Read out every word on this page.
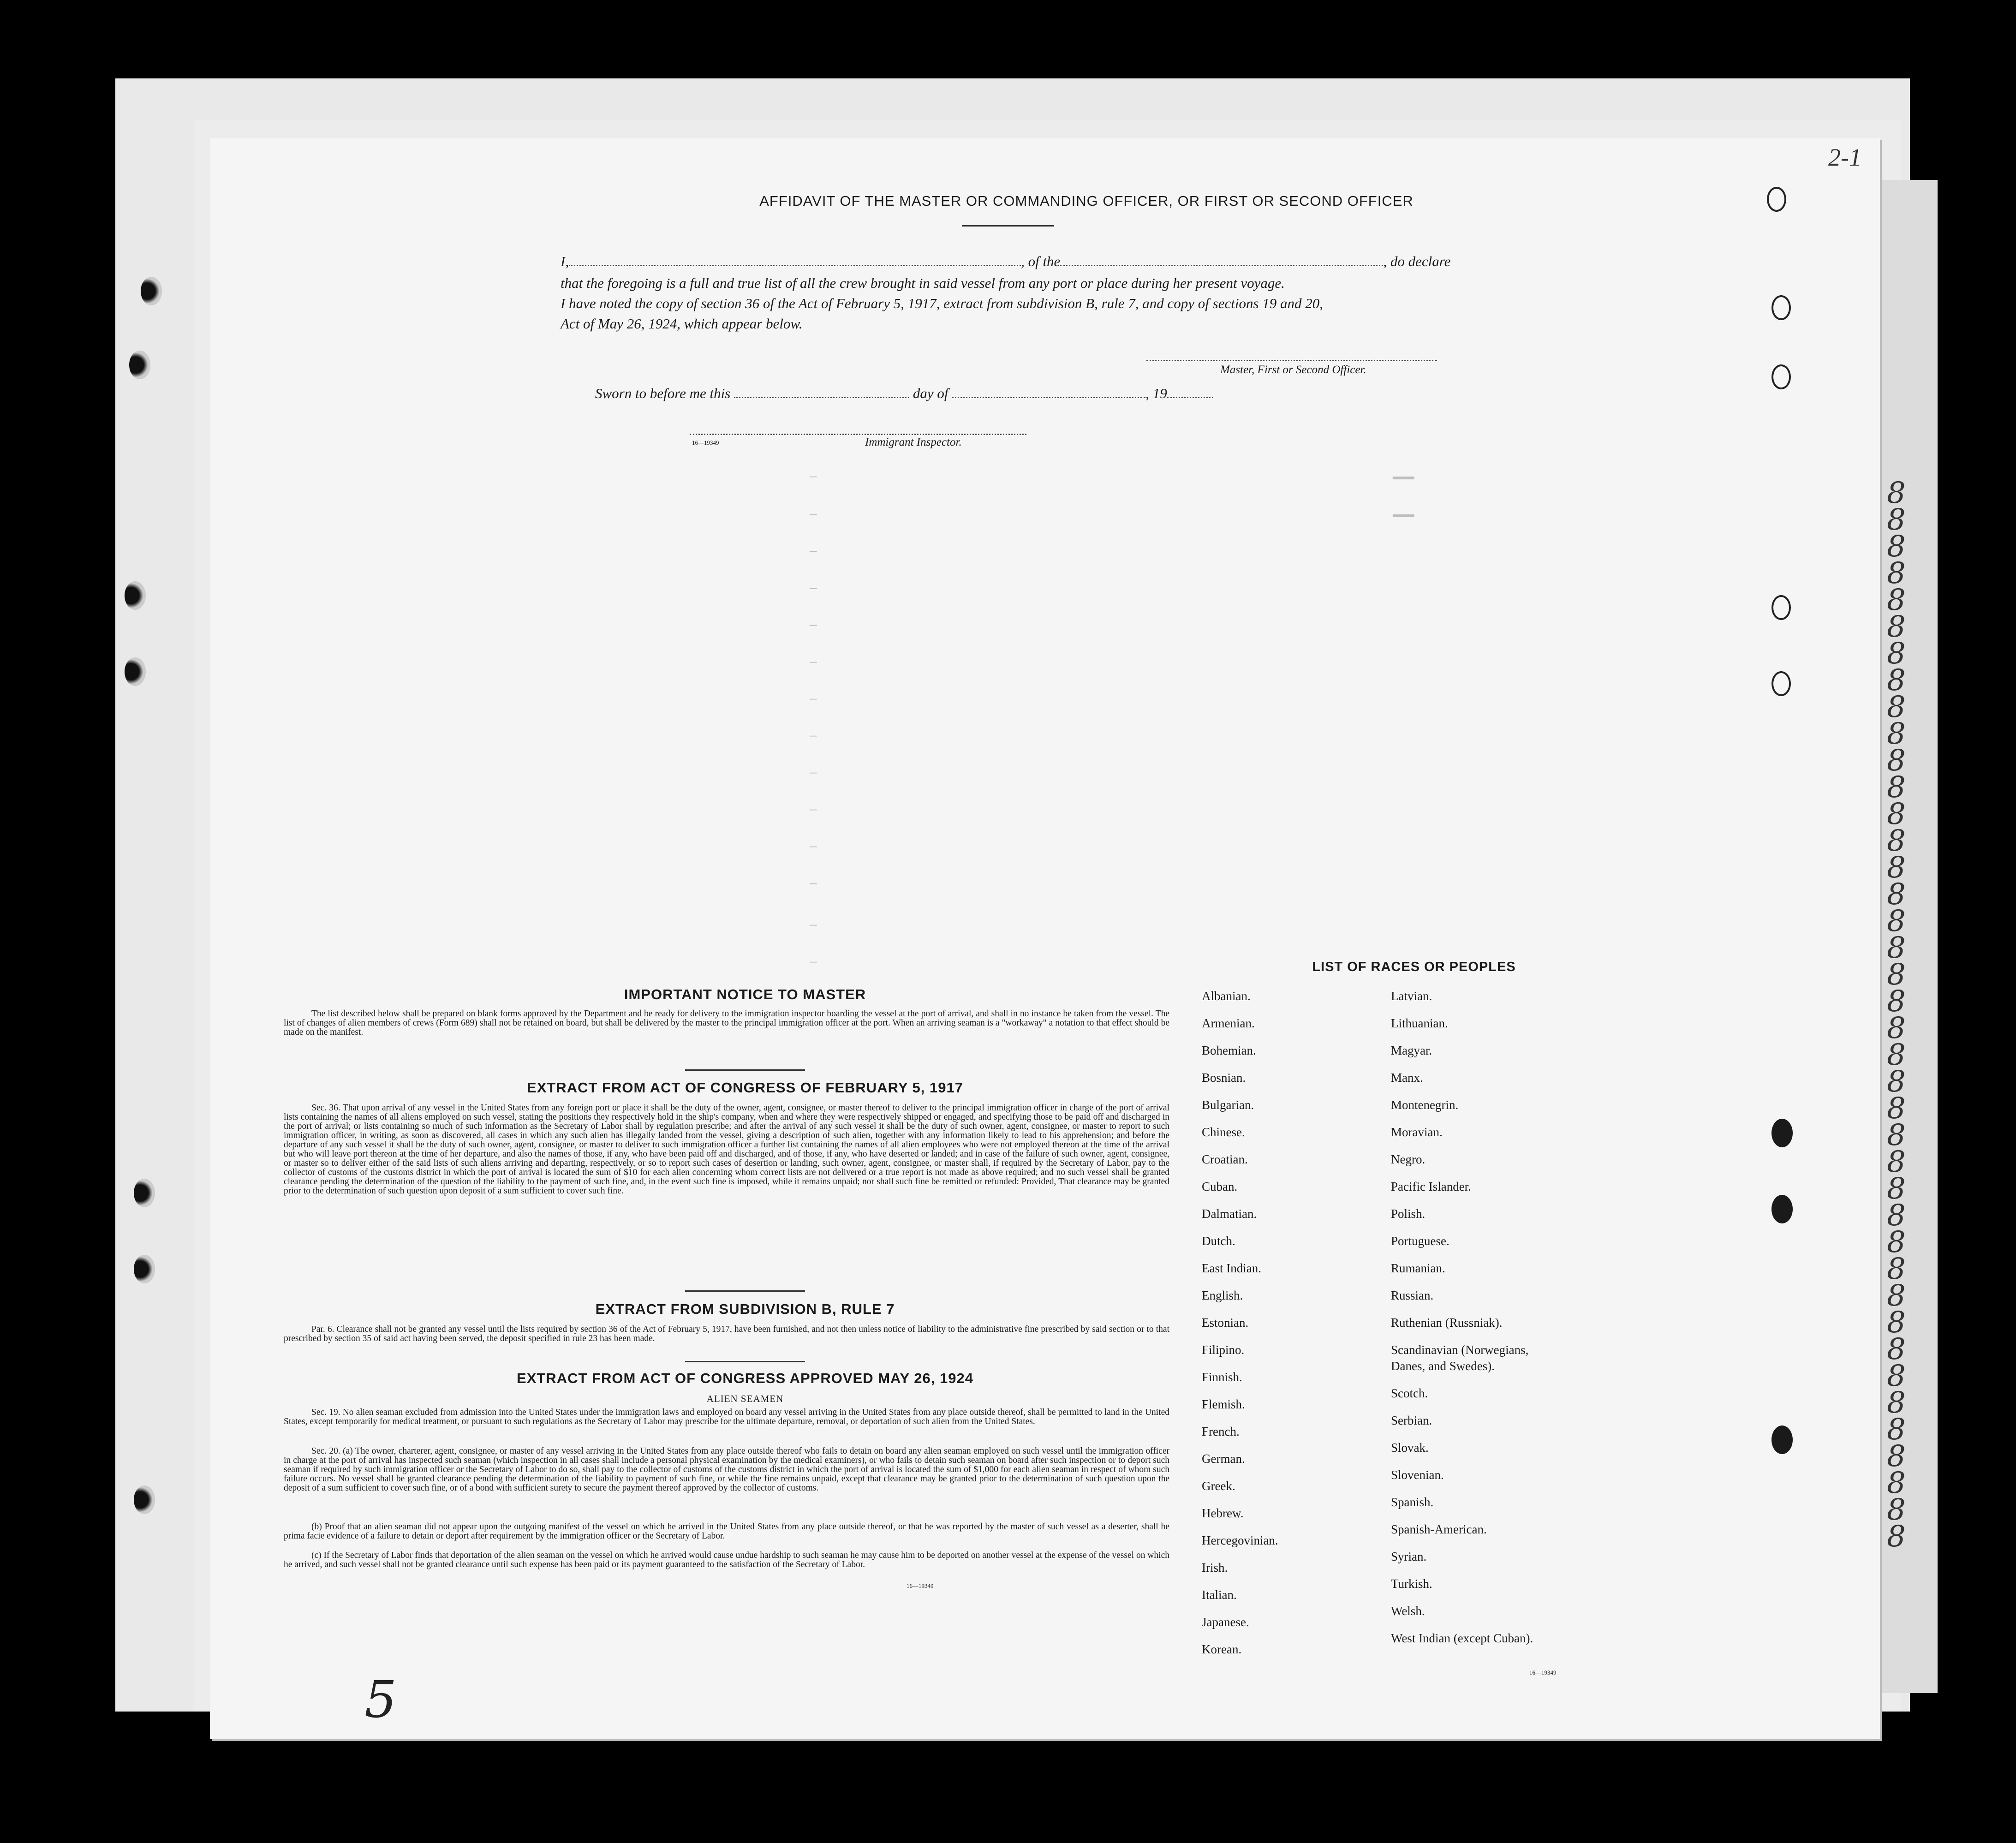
8
8
8
8
8
8
8
8
8
8
8
8
8
8
8
8
8
8
8
8
8
8
8
8
8
8
8
8
8
8
8
8
8
8
8
8
8
8
8
8
2-1
AFFIDAVIT OF THE MASTER OR COMMANDING OFFICER, OR FIRST OR SECOND OFFICER
I,	, of the	, do declare
that the foregoing is a full and true list of all the crew brought in said vessel from any port or place during her present voyage.
I have noted the copy of section 36 of the Act of February 5, 1917, extract from subdivision B, rule 7, and copy of sections 19 and 20,
Act of May 26, 1924, which appear below.
Master, First or Second Officer.
Sworn to before me this	day of	, 19
16—19349	Immigrant Inspector.
—                                                                                ▬▬▬
—                                                                                ▬▬▬
—
—
—
—
—
—
—
—
—
—
—
—
IMPORTANT NOTICE TO MASTER
The list described below shall be prepared on blank forms approved by the Department and be ready for delivery to the immigration inspector boarding the vessel at the port of arrival, and shall in no instance be taken from the vessel. The list of changes of alien members of crews (Form 689) shall not be retained on board, but shall be delivered by the master to the principal immigration officer at the port. When an arriving seaman is a "workaway" a notation to that effect should be made on the manifest.
EXTRACT FROM ACT OF CONGRESS OF FEBRUARY 5, 1917
Sec. 36. That upon arrival of any vessel in the United States from any foreign port or place it shall be the duty of the owner, agent, consignee, or master thereof to deliver to the principal immigration officer in charge of the port of arrival lists containing the names of all aliens employed on such vessel, stating the positions they respectively hold in the ship's company, when and where they were respectively shipped or engaged, and specifying those to be paid off and discharged in the port of arrival; or lists containing so much of such information as the Secretary of Labor shall by regulation prescribe; and after the arrival of any such vessel it shall be the duty of such owner, agent, consignee, or master to report to such immigration officer, in writing, as soon as discovered, all cases in which any such alien has illegally landed from the vessel, giving a description of such alien, together with any information likely to lead to his apprehension; and before the departure of any such vessel it shall be the duty of such owner, agent, consignee, or master to deliver to such immigration officer a further list containing the names of all alien employees who were not employed thereon at the time of the arrival but who will leave port thereon at the time of her departure, and also the names of those, if any, who have been paid off and discharged, and of those, if any, who have deserted or landed; and in case of the failure of such owner, agent, consignee, or master so to deliver either of the said lists of such aliens arriving and departing, respectively, or so to report such cases of desertion or landing, such owner, agent, consignee, or master shall, if required by the Secretary of Labor, pay to the collector of customs of the customs district in which the port of arrival is located the sum of $10 for each alien concerning whom correct lists are not delivered or a true report is not made as above required; and no such vessel shall be granted clearance pending the determination of the question of the liability to the payment of such fine, and, in the event such fine is imposed, while it remains unpaid; nor shall such fine be remitted or refunded: Provided, That clearance may be granted prior to the determination of such question upon deposit of a sum sufficient to cover such fine.
EXTRACT FROM SUBDIVISION B, RULE 7
Par. 6. Clearance shall not be granted any vessel until the lists required by section 36 of the Act of February 5, 1917, have been furnished, and not then unless notice of liability to the administrative fine prescribed by said section or to that prescribed by section 35 of said act having been served, the deposit specified in rule 23 has been made.
EXTRACT FROM ACT OF CONGRESS APPROVED MAY 26, 1924
ALIEN SEAMEN
Sec. 19. No alien seaman excluded from admission into the United States under the immigration laws and employed on board any vessel arriving in the United States from any place outside thereof, shall be permitted to land in the United States, except temporarily for medical treatment, or pursuant to such regulations as the Secretary of Labor may prescribe for the ultimate departure, removal, or deportation of such alien from the United States.
Sec. 20. (a) The owner, charterer, agent, consignee, or master of any vessel arriving in the United States from any place outside thereof who fails to detain on board any alien seaman employed on such vessel until the immigration officer in charge at the port of arrival has inspected such seaman (which inspection in all cases shall include a personal physical examination by the medical examiners), or who fails to detain such seaman on board after such inspection or to deport such seaman if required by such immigration officer or the Secretary of Labor to do so, shall pay to the collector of customs of the customs district in which the port of arrival is located the sum of $1,000 for each alien seaman in respect of whom such failure occurs. No vessel shall be granted clearance pending the determination of the liability to payment of such fine, or while the fine remains unpaid, except that clearance may be granted prior to the determination of such question upon the deposit of a sum sufficient to cover such fine, or of a bond with sufficient surety to secure the payment thereof approved by the collector of customs.
(b) Proof that an alien seaman did not appear upon the outgoing manifest of the vessel on which he arrived in the United States from any place outside thereof, or that he was reported by the master of such vessel as a deserter, shall be prima facie evidence of a failure to detain or deport after requirement by the immigration officer or the Secretary of Labor.
(c) If the Secretary of Labor finds that deportation of the alien seaman on the vessel on which he arrived would cause undue hardship to such seaman he may cause him to be deported on another vessel at the expense of the vessel on which he arrived, and such vessel shall not be granted clearance until such expense has been paid or its payment guaranteed to the satisfaction of the Secretary of Labor.
16—19349
LIST OF RACES OR PEOPLES
Albanian.
Armenian.
Bohemian.
Bosnian.
Bulgarian.
Chinese.
Croatian.
Cuban.
Dalmatian.
Dutch.
East Indian.
English.
Estonian.
Filipino.
Finnish.
Flemish.
French.
German.
Greek.
Hebrew.
Hercegovinian.
Irish.
Italian.
Japanese.
Korean.
Latvian.
Lithuanian.
Magyar.
Manx.
Montenegrin.
Moravian.
Negro.
Pacific Islander.
Polish.
Portuguese.
Rumanian.
Russian.
Ruthenian (Russniak).
Scandinavian (Norwegians,
Danes, and Swedes).
Scotch.
Serbian.
Slovak.
Slovenian.
Spanish.
Spanish-American.
Syrian.
Turkish.
Welsh.
West Indian (except Cuban).
16—19349
5
